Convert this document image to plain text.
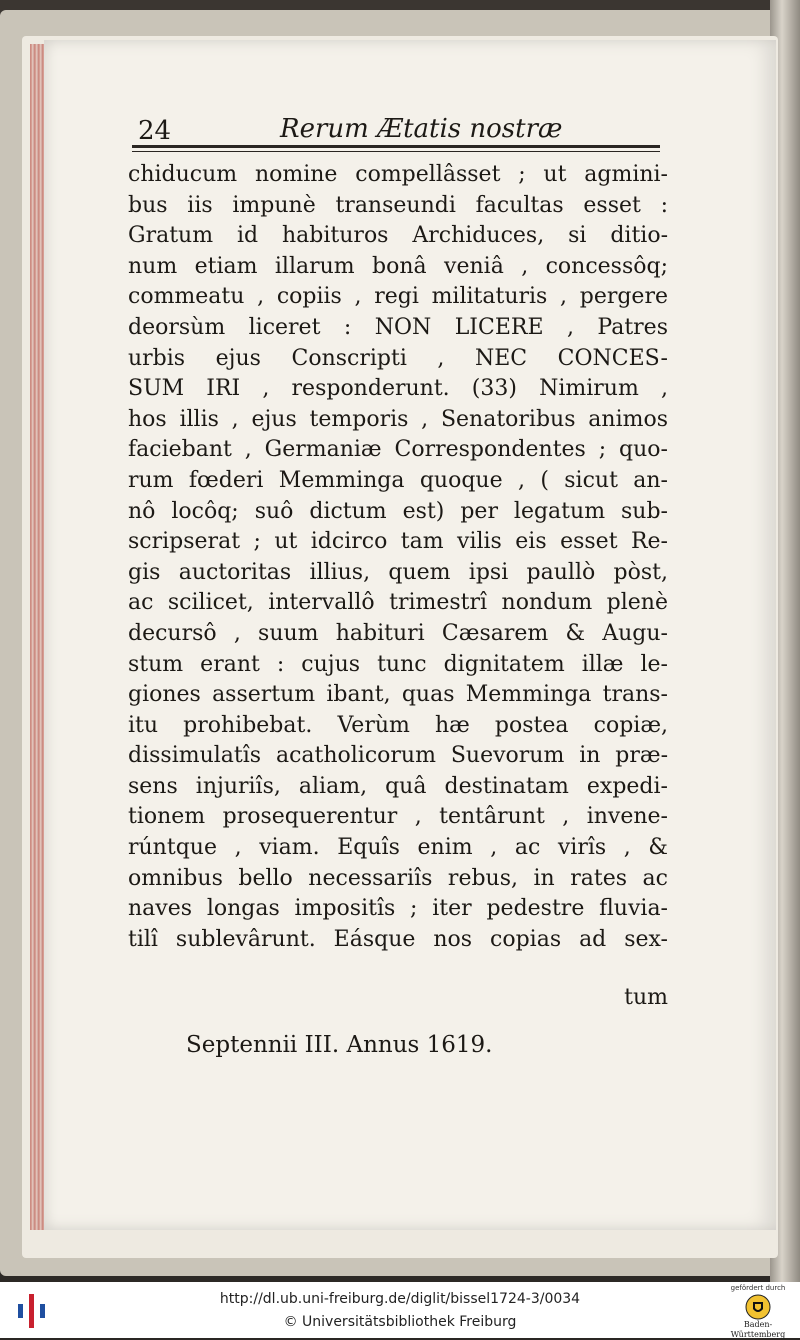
24	Rerum Ætatis nostræ
chiducum nomine compellâsset ; ut agmini-
bus iis impunè transeundi facultas esset :
Gratum id habituros Archiduces, si ditio-
num etiam illarum bonâ veniâ , concessôq;
commeatu , copiis , regi militaturis , pergere
deorsùm liceret : NON LICERE , Patres
urbis ejus Conscripti , NEC CONCES-
SUM IRI , responderunt. (33) Nimirum ,
hos illis , ejus temporis , Senatoribus animos
faciebant , Germaniæ Correspondentes ; quo-
rum fœderi Memminga quoque , ( sicut an-
nô locôq; suô dictum est) per legatum sub-
scripserat ; ut idcirco tam vilis eis esset Re-
gis auctoritas illius, quem ipsi paullò pòst,
ac scilicet, intervallô trimestrî nondum plenè
decursô , suum habituri Cæsarem & Augu-
stum erant : cujus tunc dignitatem illæ le-
giones assertum ibant, quas Memminga trans-
itu prohibebat. Verùm hæ postea copiæ,
dissimulatîs acatholicorum Suevorum in præ-
sens injuriîs, aliam, quâ destinatam expedi-
tionem prosequerentur , tentârunt , invene-
rúntque , viam. Equîs enim , ac virîs , &
omnibus bello necessariîs rebus, in rates ac
naves longas impositîs ; iter pedestre fluvia-
tilî sublevârunt. Eásque nos copias ad sex-
tum
Septennii III. Annus 1619.
http://dl.ub.uni-freiburg.de/diglit/bissel1724-3/0034
© Universitätsbibliothek Freiburg
gefördert durch
Baden-Württemberg
